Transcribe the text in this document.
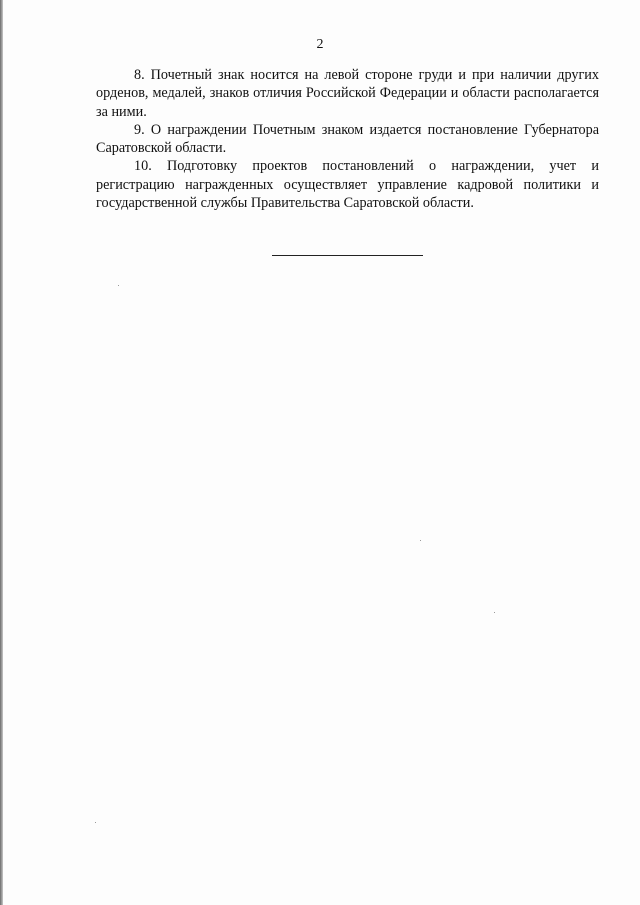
2

8. Почетный знак носится на левой стороне груди и при наличии других орденов, медалей, знаков отличия Российской Федерации и области располагается за ними.

9. О награждении Почетным знаком издается постановление Губернатора Саратовской области.

10. Подготовку проектов постановлений о награждении, учет и регистрацию награжденных осуществляет управление кадровой политики и государственной службы Правительства Саратовской области.
